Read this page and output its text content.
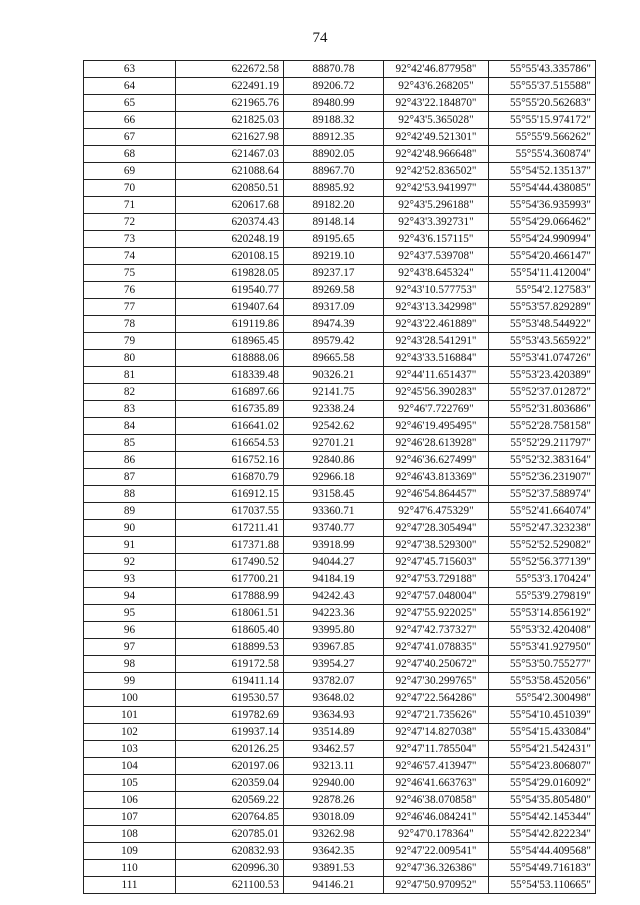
74
63	622672.58	88870.78	92°42'46.877958"	55°55'43.335786"
64	622491.19	89206.72	92°43'6.268205"	55°55'37.515588"
65	621965.76	89480.99	92°43'22.184870"	55°55'20.562683"
66	621825.03	89188.32	92°43'5.365028"	55°55'15.974172"
67	621627.98	88912.35	92°42'49.521301"	55°55'9.566262"
68	621467.03	88902.05	92°42'48.966648"	55°55'4.360874"
69	621088.64	88967.70	92°42'52.836502"	55°54'52.135137"
70	620850.51	88985.92	92°42'53.941997"	55°54'44.438085"
71	620617.68	89182.20	92°43'5.296188"	55°54'36.935993"
72	620374.43	89148.14	92°43'3.392731"	55°54'29.066462"
73	620248.19	89195.65	92°43'6.157115"	55°54'24.990994"
74	620108.15	89219.10	92°43'7.539708"	55°54'20.466147"
75	619828.05	89237.17	92°43'8.645324"	55°54'11.412004"
76	619540.77	89269.58	92°43'10.577753"	55°54'2.127583"
77	619407.64	89317.09	92°43'13.342998"	55°53'57.829289"
78	619119.86	89474.39	92°43'22.461889"	55°53'48.544922"
79	618965.45	89579.42	92°43'28.541291"	55°53'43.565922"
80	618888.06	89665.58	92°43'33.516884"	55°53'41.074726"
81	618339.48	90326.21	92°44'11.651437"	55°53'23.420389"
82	616897.66	92141.75	92°45'56.390283"	55°52'37.012872"
83	616735.89	92338.24	92°46'7.722769"	55°52'31.803686"
84	616641.02	92542.62	92°46'19.495495"	55°52'28.758158"
85	616654.53	92701.21	92°46'28.613928"	55°52'29.211797"
86	616752.16	92840.86	92°46'36.627499"	55°52'32.383164"
87	616870.79	92966.18	92°46'43.813369"	55°52'36.231907"
88	616912.15	93158.45	92°46'54.864457"	55°52'37.588974"
89	617037.55	93360.71	92°47'6.475329"	55°52'41.664074"
90	617211.41	93740.77	92°47'28.305494"	55°52'47.323238"
91	617371.88	93918.99	92°47'38.529300"	55°52'52.529082"
92	617490.52	94044.27	92°47'45.715603"	55°52'56.377139"
93	617700.21	94184.19	92°47'53.729188"	55°53'3.170424"
94	617888.99	94242.43	92°47'57.048004"	55°53'9.279819"
95	618061.51	94223.36	92°47'55.922025"	55°53'14.856192"
96	618605.40	93995.80	92°47'42.737327"	55°53'32.420408"
97	618899.53	93967.85	92°47'41.078835"	55°53'41.927950"
98	619172.58	93954.27	92°47'40.250672"	55°53'50.755277"
99	619411.14	93782.07	92°47'30.299765"	55°53'58.452056"
100	619530.57	93648.02	92°47'22.564286"	55°54'2.300498"
101	619782.69	93634.93	92°47'21.735626"	55°54'10.451039"
102	619937.14	93514.89	92°47'14.827038"	55°54'15.433084"
103	620126.25	93462.57	92°47'11.785504"	55°54'21.542431"
104	620197.06	93213.11	92°46'57.413947"	55°54'23.806807"
105	620359.04	92940.00	92°46'41.663763"	55°54'29.016092"
106	620569.22	92878.26	92°46'38.070858"	55°54'35.805480"
107	620764.85	93018.09	92°46'46.084241"	55°54'42.145344"
108	620785.01	93262.98	92°47'0.178364"	55°54'42.822234"
109	620832.93	93642.35	92°47'22.009541"	55°54'44.409568"
110	620996.30	93891.53	92°47'36.326386"	55°54'49.716183"
111	621100.53	94146.21	92°47'50.970952"	55°54'53.110665"
